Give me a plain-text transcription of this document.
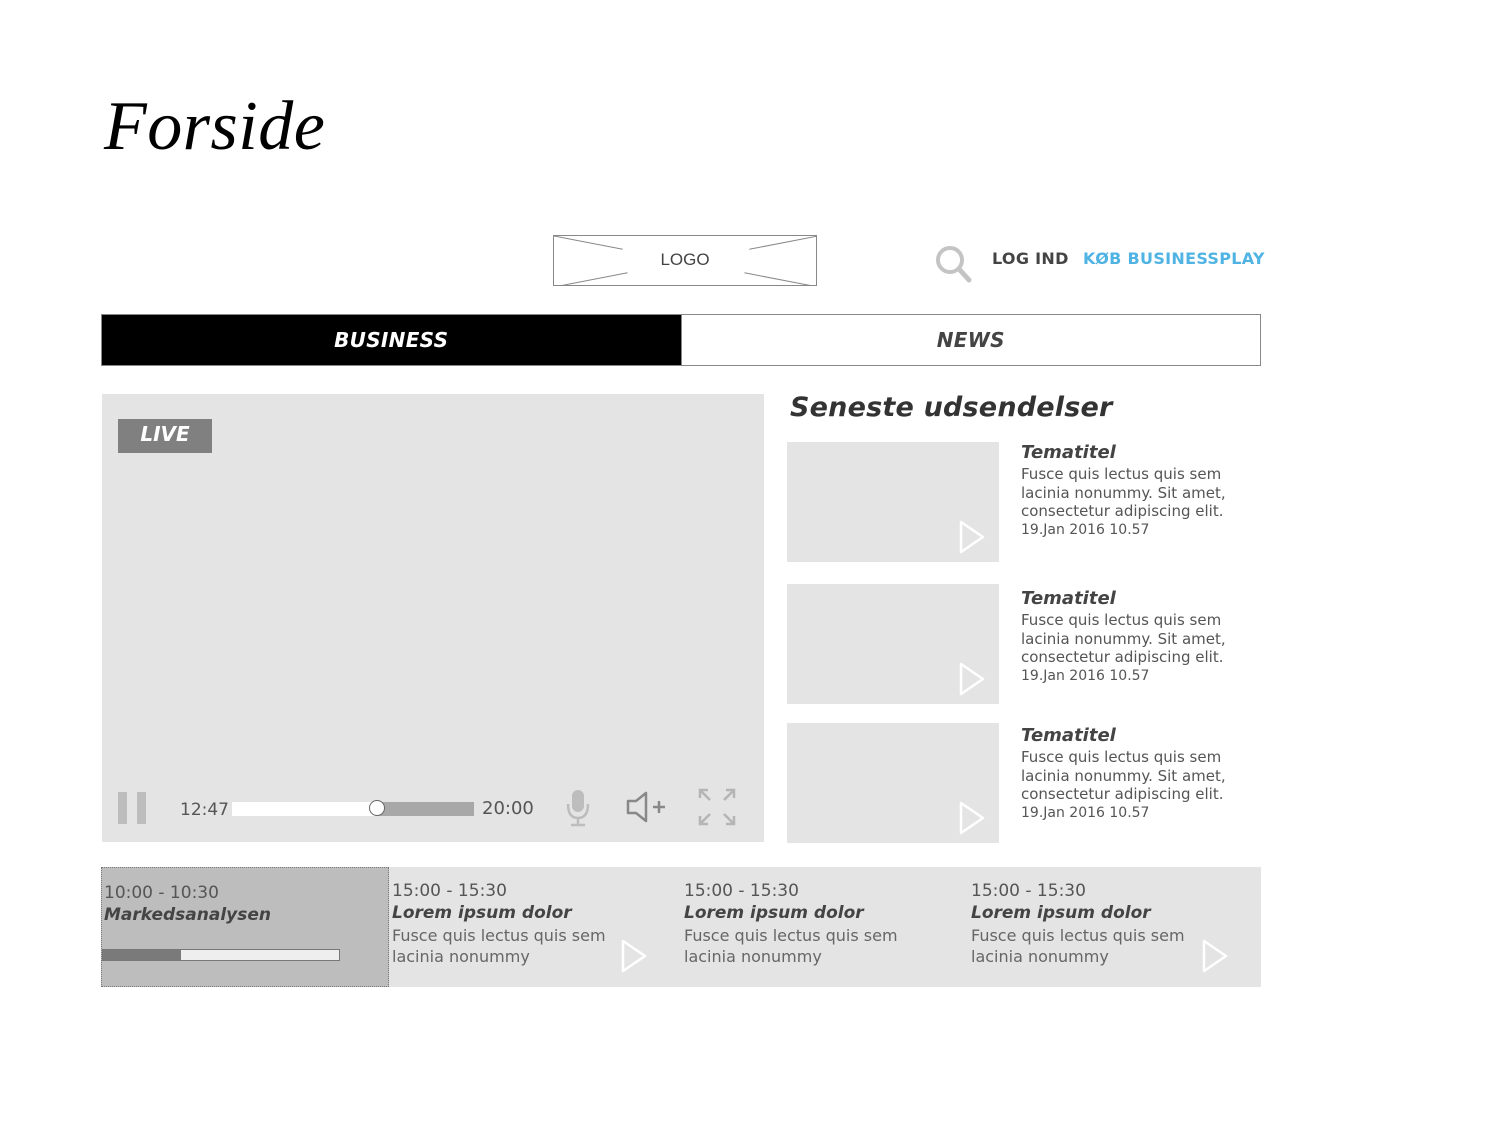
Forside
LOGO	LOG IND KØB BUSINESSPLAY
BUSINESS	NEWS
LIVE
12:47	20:00
Seneste udsendelser
Tematitel
Fusce quis lectus quis sem lacinia nonummy. Sit amet, consectetur adipiscing elit.
19.Jan 2016 10.57
Tematitel
Fusce quis lectus quis sem lacinia nonummy. Sit amet, consectetur adipiscing elit.
19.Jan 2016 10.57
Tematitel
Fusce quis lectus quis sem lacinia nonummy. Sit amet, consectetur adipiscing elit.
19.Jan 2016 10.57
10:00 - 10:30
Markedsanalysen
15:00 - 15:30
Lorem ipsum dolor
Fusce quis lectus quis sem lacinia nonummy
15:00 - 15:30
Lorem ipsum dolor
Fusce quis lectus quis sem lacinia nonummy
15:00 - 15:30
Lorem ipsum dolor
Fusce quis lectus quis sem lacinia nonummy
